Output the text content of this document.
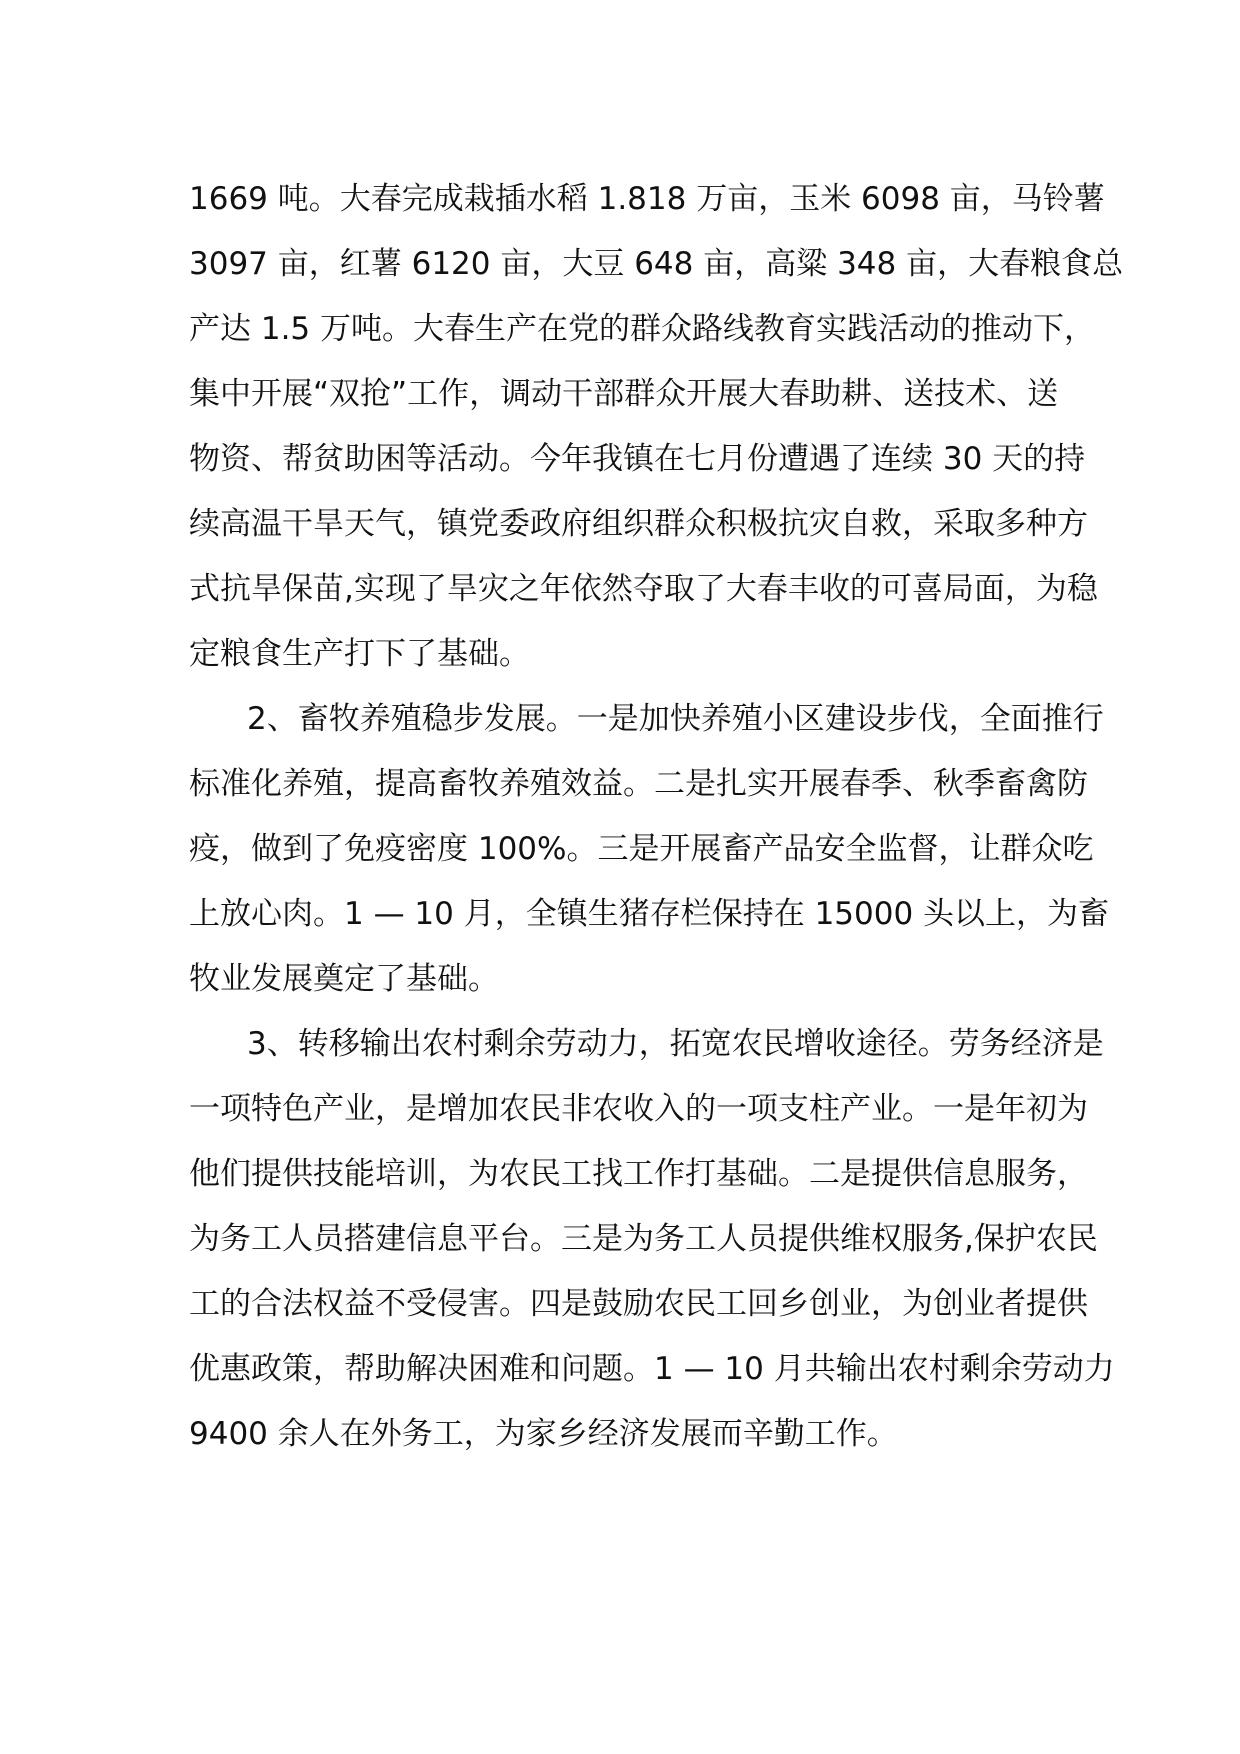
1669 吨。大春完成栽插水稻 1.818 万亩，玉米 6098 亩，马铃薯
3097 亩，红薯 6120 亩，大豆 648 亩，高粱 348 亩，大春粮食总
产达 1.5 万吨。大春生产在党的群众路线教育实践活动的推动下，
集中开展“双抢”工作，调动干部群众开展大春助耕、送技术、送
物资、帮贫助困等活动。今年我镇在七月份遭遇了连续 30 天的持
续高温干旱天气，镇党委政府组织群众积极抗灾自救，采取多种方
式抗旱保苗,实现了旱灾之年依然夺取了大春丰收的可喜局面，为稳
定粮食生产打下了基础。
2、畜牧养殖稳步发展。一是加快养殖小区建设步伐，全面推行
标准化养殖，提高畜牧养殖效益。二是扎实开展春季、秋季畜禽防
疫，做到了免疫密度 100%。三是开展畜产品安全监督，让群众吃
上放心肉。1 — 10 月，全镇生猪存栏保持在 15000 头以上，为畜
牧业发展奠定了基础。
3、转移输出农村剩余劳动力，拓宽农民增收途径。劳务经济是
一项特色产业，是增加农民非农收入的一项支柱产业。一是年初为
他们提供技能培训，为农民工找工作打基础。二是提供信息服务，
为务工人员搭建信息平台。三是为务工人员提供维权服务,保护农民
工的合法权益不受侵害。四是鼓励农民工回乡创业，为创业者提供
优惠政策，帮助解决困难和问题。1 — 10 月共输出农村剩余劳动力
9400 余人在外务工，为家乡经济发展而辛勤工作。
